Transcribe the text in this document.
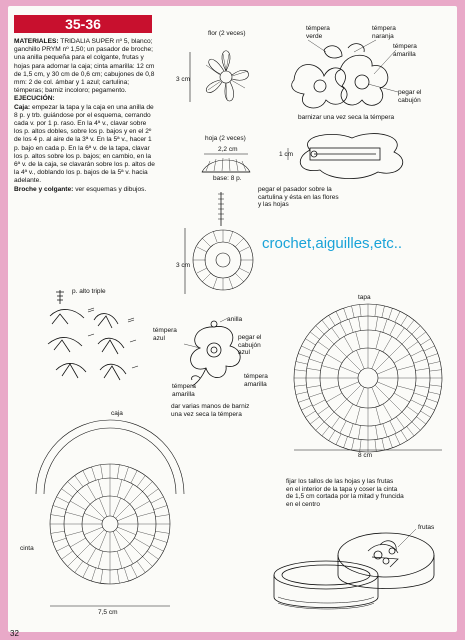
35-36

MATERIALES: TRIDALIA SUPER nº 5, blanco; ganchillo PRYM nº 1,50; un pasador de broche; una anilla pequeña para el colgante, frutas y hojas para adornar la caja; cinta amarilla: 12 cm de 1,5 cm, y 30 cm de 0,6 cm; cabujones de 0,8 mm: 2 de col. ámbar y 1 azul; cartulina; témperas; barniz incoloro; pegamento.

EJECUCIÓN:

Caja: empezar la tapa y la caja en una anilla de 8 p. y trb. guiándose por el esquema, cerrando cada v. por 1 p. raso. En la 4ª v., clavar sobre los p. altos dobles, sobre los p. bajos y en el 2º de los 4 p. al aire de la 3ª v. En la 5ª v., hacer 1 p. bajo en cada p. En la 6ª v. de la tapa, clavar los p. altos sobre los p. bajos; en cambio, en la 6ª v. de la caja, se clavarán sobre los p. altos de la 4ª v., doblando los p. bajos de la 5ª v. hacia adelante.

Broche y colgante: ver esquemas y dibujos.

flor (2 veces)
3 cm
hoja (2 veces)
2,2 cm
base: 8 p.
3 cm
témpera
verde
témpera
naranja
témpera
amarilla
pegar el
cabujón
barnizar una vez seca la témpera
1 cm
pegar el pasador sobre la
cartulina y ésta en las flores
y las hojas
crochet,aiguilles,etc..
p. alto triple
témpera
azul
anilla
pegar el
cabujón
azul
témpera
amarilla
témpera
amarilla
dar varias manos de barniz
una vez seca la témpera
tapa
8 cm
caja
cinta
7,5 cm
fijar los tallos de las hojas y las frutas
en el interior de la tapa y coser la cinta
de 1,5 cm cortada por la mitad y fruncida
en el centro
frutas
32
